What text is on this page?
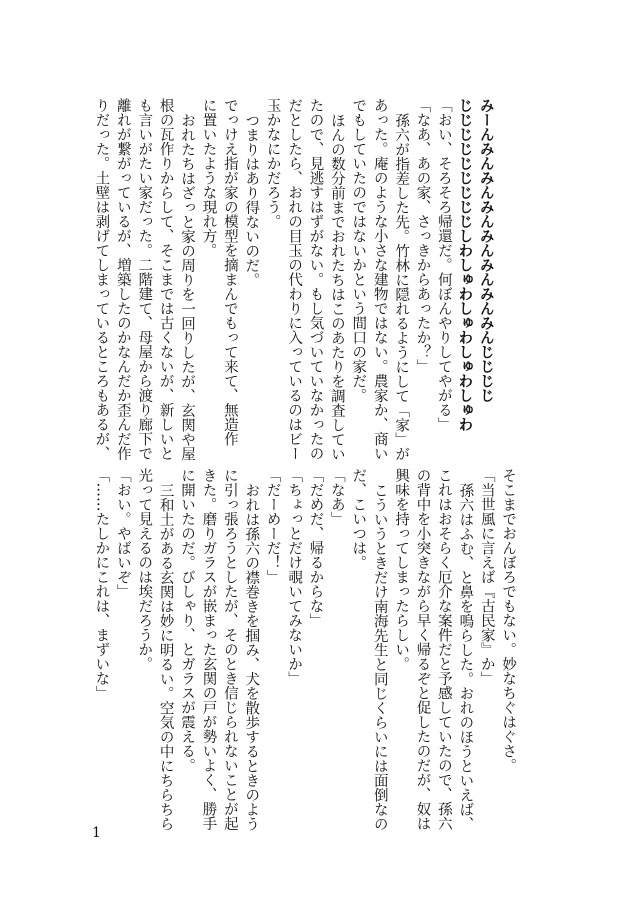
みーんみんみんみんみんみんみんみんじじじじ

じじじじじじじじじしわしゅわしゅわしゅわしゅわ

「おい、そろそろ帰還だ。何ぼんやりしてやがる」

「なあ、あの家、さっきからあったか？」

孫六が指差した先。竹林に隠れるようにして「家」が

あった。庵のような小さな建物ではない。農家か、商い

でもしていたのではないかという間口の家だ。

ほんの数分前までおれたちはこのあたりを調査してい

たので、見逃すはずがない。もし気づいていなかったの

だとしたら、おれの目玉の代わりに入っているのはビー

玉かなにかだろう。

つまりはあり得ないのだ。

でっけえ指が家の模型を摘まんでもって来て、無造作

に置いたような現れ方。

おれたちはざっと家の周りを一回りしたが、玄関や屋

根の瓦作りからして、そこまでは古くないが、新しいと

も言いがたい家だった。二階建て、母屋から渡り廊下で

離れが繋がっているが、増築したのかなんだか歪んだ作

りだった。土壁は剥げてしまっているところもあるが、

そこまでおんぼろでもない。妙なちぐはぐさ。

「当世風に言えば『古民家』か」

孫六はふむ、と鼻を鳴らした。おれのほうといえば、

これはおそらく厄介な案件だと予感していたので、孫六

の背中を小突きながら早く帰るぞと促したのだが、奴は

興味を持ってしまったらしい。

こういうときだけ南海先生と同じくらいには面倒なの

だ、こいつは。

「なあ」

「だめだ、帰るからな」

「ちょっとだけ覗いてみないか」

「だーめーだ！」

おれは孫六の襟巻きを掴み、犬を散歩するときのよう

に引っ張ろうとしたが、そのとき信じられないことが起

きた。磨りガラスが嵌まった玄関の戸が勢いよく、勝手

に開いたのだ。びしゃり、とガラスが震える。

三和土がある玄関は妙に明るい。空気の中にちらちら

光って見えるのは埃だろうか。

「おい。やばいぞ」

「……たしかにこれは、まずいな」

1
